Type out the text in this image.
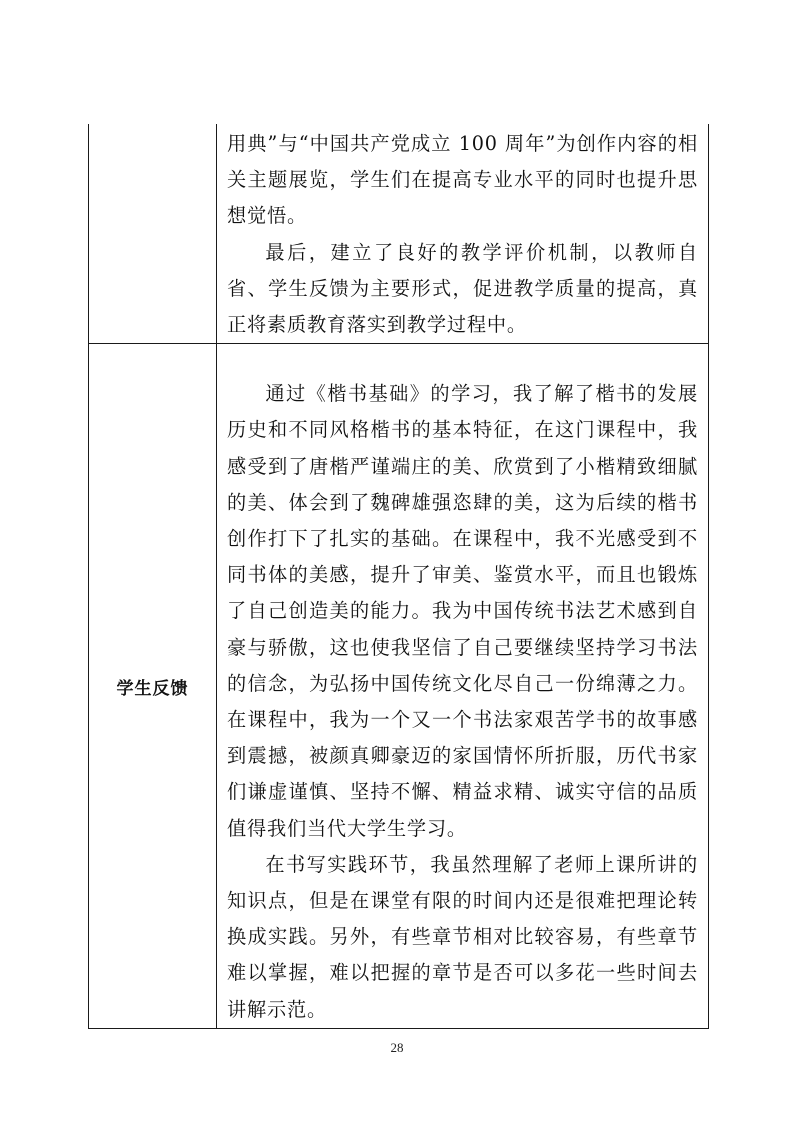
	用典”与“中国共产党成立 100 周年”为创作内容的相关主题展览，学生们在提高专业水平的同时也提升思想觉悟。

最后，建立了良好的教学评价机制，以教师自省、学生反馈为主要形式，促进教学质量的提高，真正将素质教育落实到教学过程中。

学生反馈	通过《楷书基础》的学习，我了解了楷书的发展历史和不同风格楷书的基本特征，在这门课程中，我感受到了唐楷严谨端庄的美、欣赏到了小楷精致细腻的美、体会到了魏碑雄强恣肆的美，这为后续的楷书创作打下了扎实的基础。在课程中，我不光感受到不同书体的美感，提升了审美、鉴赏水平，而且也锻炼了自己创造美的能力。我为中国传统书法艺术感到自豪与骄傲，这也使我坚信了自己要继续坚持学习书法的信念，为弘扬中国传统文化尽自己一份绵薄之力。在课程中，我为一个又一个书法家艰苦学书的故事感到震撼，被颜真卿豪迈的家国情怀所折服，历代书家们谦虚谨慎、坚持不懈、精益求精、诚实守信的品质值得我们当代大学生学习。

在书写实践环节，我虽然理解了老师上课所讲的知识点，但是在课堂有限的时间内还是很难把理论转换成实践。另外，有些章节相对比较容易，有些章节难以掌握，难以把握的章节是否可以多花一些时间去讲解示范。

28
